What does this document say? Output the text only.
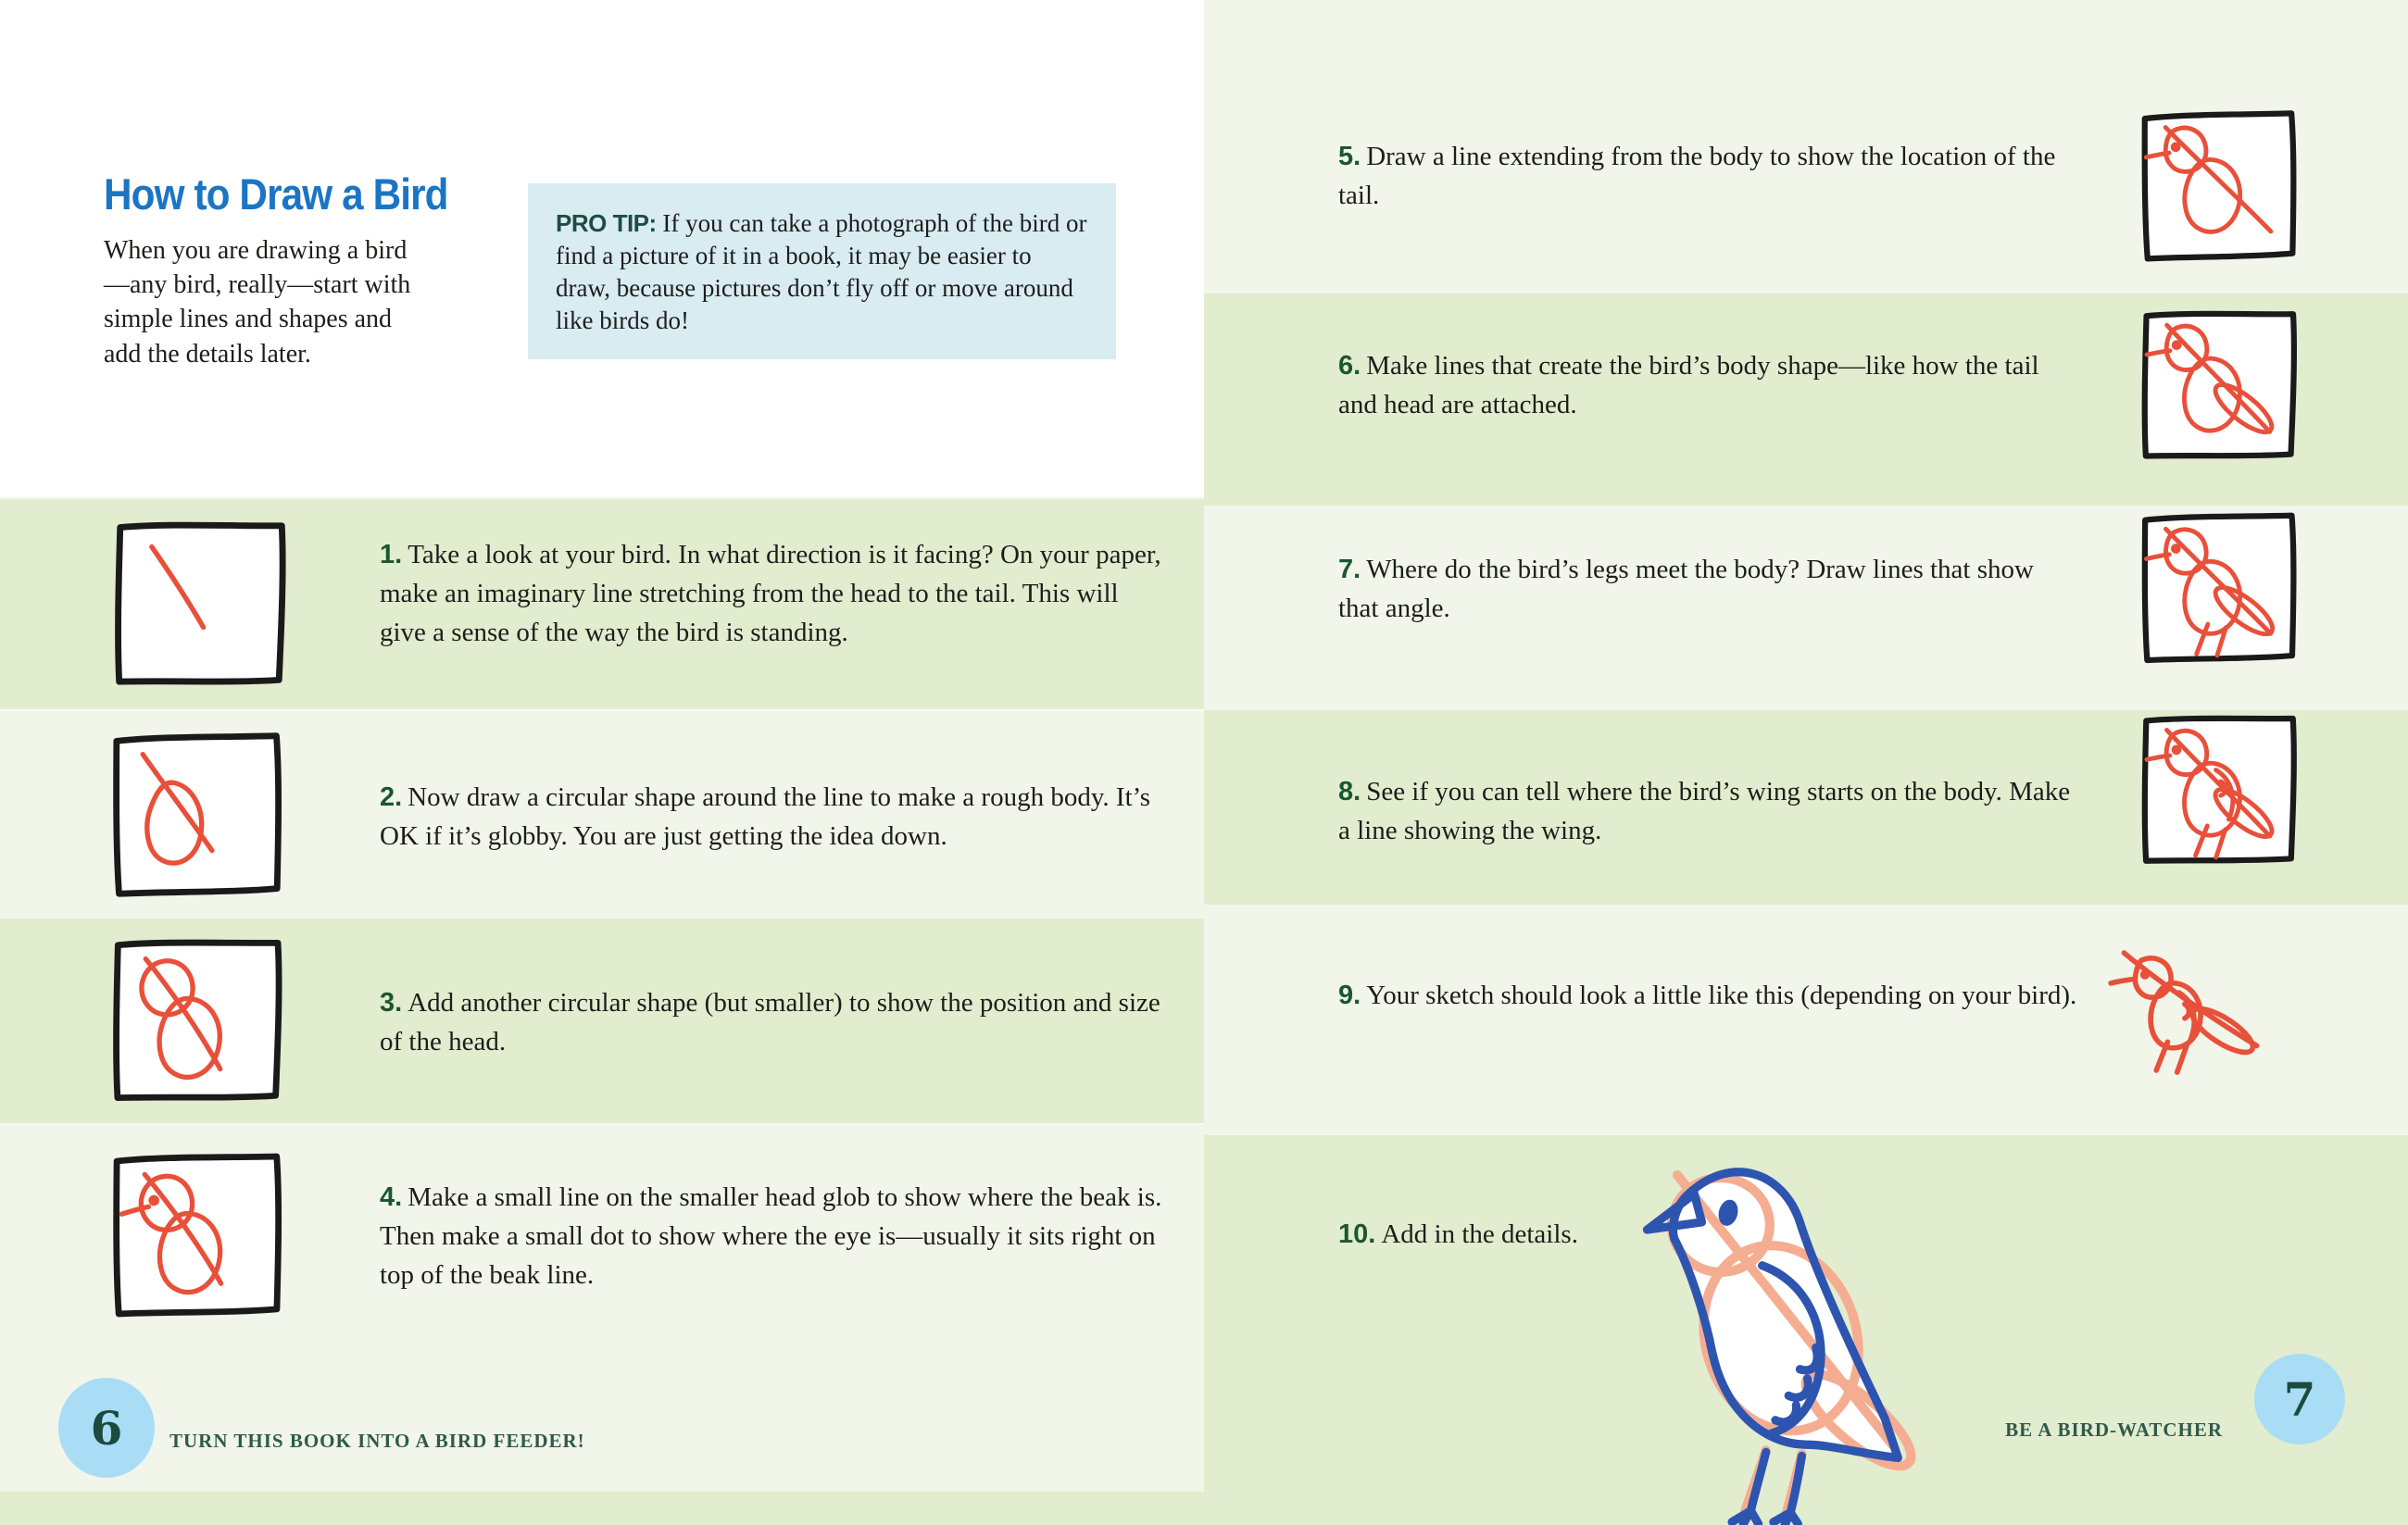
How to Draw a Bird

When you are drawing a bird—any bird, really—start with simple lines and shapes and add the details later.

PRO TIP: If you can take a photograph of the bird or find a picture of it in a book, it may be easier to draw, because pictures don’t fly off or move around like birds do!

1. Take a look at your bird. In what direction is it facing? On your paper, make an imaginary line stretching from the head to the tail. This will give a sense of the way the bird is standing.

2. Now draw a circular shape around the line to make a rough body. It’s OK if it’s globby. You are just getting the idea down.

3. Add another circular shape (but smaller) to show the position and size of the head.

4. Make a small line on the smaller head glob to show where the beak is. Then make a small dot to show where the eye is—usually it sits right on top of the beak line.

6 TURN THIS BOOK INTO A BIRD FEEDER!

5. Draw a line extending from the body to show the location of the tail.

6. Make lines that create the bird’s body shape—like how the tail and head are attached.

7. Where do the bird’s legs meet the body? Draw lines that show that angle.

8. See if you can tell where the bird’s wing starts on the body. Make a line showing the wing.

9. Your sketch should look a little like this (depending on your bird).

10. Add in the details.

BE A BIRD-WATCHER

7
